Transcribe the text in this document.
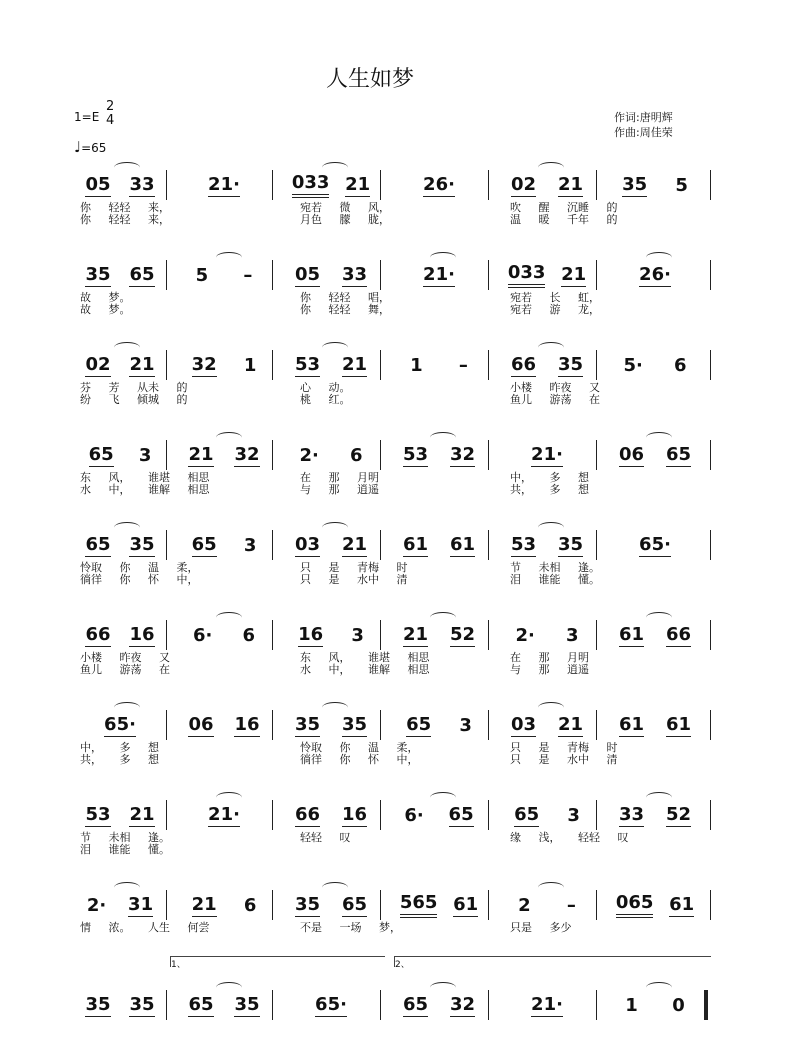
人生如梦
1=E
2
4
♩=65
作词:唐明辉
作曲:周佳荣
05 33	21·	033 21	26·	02 21 35 5
你 轻轻 来，	宛若 微 风，	吹 醒 沉睡 的
你 轻轻 来，	月色 朦 胧，	温 暖 千年 的
35 65 5 – 05 33	21·	033 21	26·
故 梦。	你 轻轻 唱，	宛若 长 虹，
故 梦。	你 轻轻 舞，	宛若 游 龙，
02 21 32 1 53 21 1 – 66 35 5· 6
芬 芳 从未 的	心 动。	小楼 昨夜 又
纷 飞 倾城 的	桃 红。	鱼儿 游荡 在
65 3 21 32 2· 6 53 32	21·	06 65
东 风， 谁堪 相思	在 那 月明	中， 多 想
水 中， 谁解 相思	与 那 逍遥	共， 多 想
65 35 65 3 03 21 61 61 53 35	65·
怜取 你 温 柔，	只 是 青梅 时	节 未相 逢。
徜徉 你 怀 中，	只 是 水中 清	泪 谁能 懂。
66 16 6· 6 16 3 21 52 2· 3 61 66
小楼 昨夜 又	东 风， 谁堪 相思	在 那 月明
鱼儿 游荡 在	水 中， 谁解 相思	与 那 逍遥
65·	06 16 35 35 65 3 03 21 61 61
中， 多 想	怜取 你 温 柔，	只 是 青梅 时
共， 多 想	徜徉 你 怀 中，	只 是 水中 清
53 21	21·	66 16 6· 65 65 3 33 52
节 未相 逢。	轻轻 叹	缘 浅， 轻轻 叹
泪 谁能 懂。
2· 31 21 6 35 65 565 61 2 – 065 61
情 浓。 人生 何尝	不是 一场 梦，	只是 多少
35 35 65 35	65·	65 32	21·	1 0
1、	2、
